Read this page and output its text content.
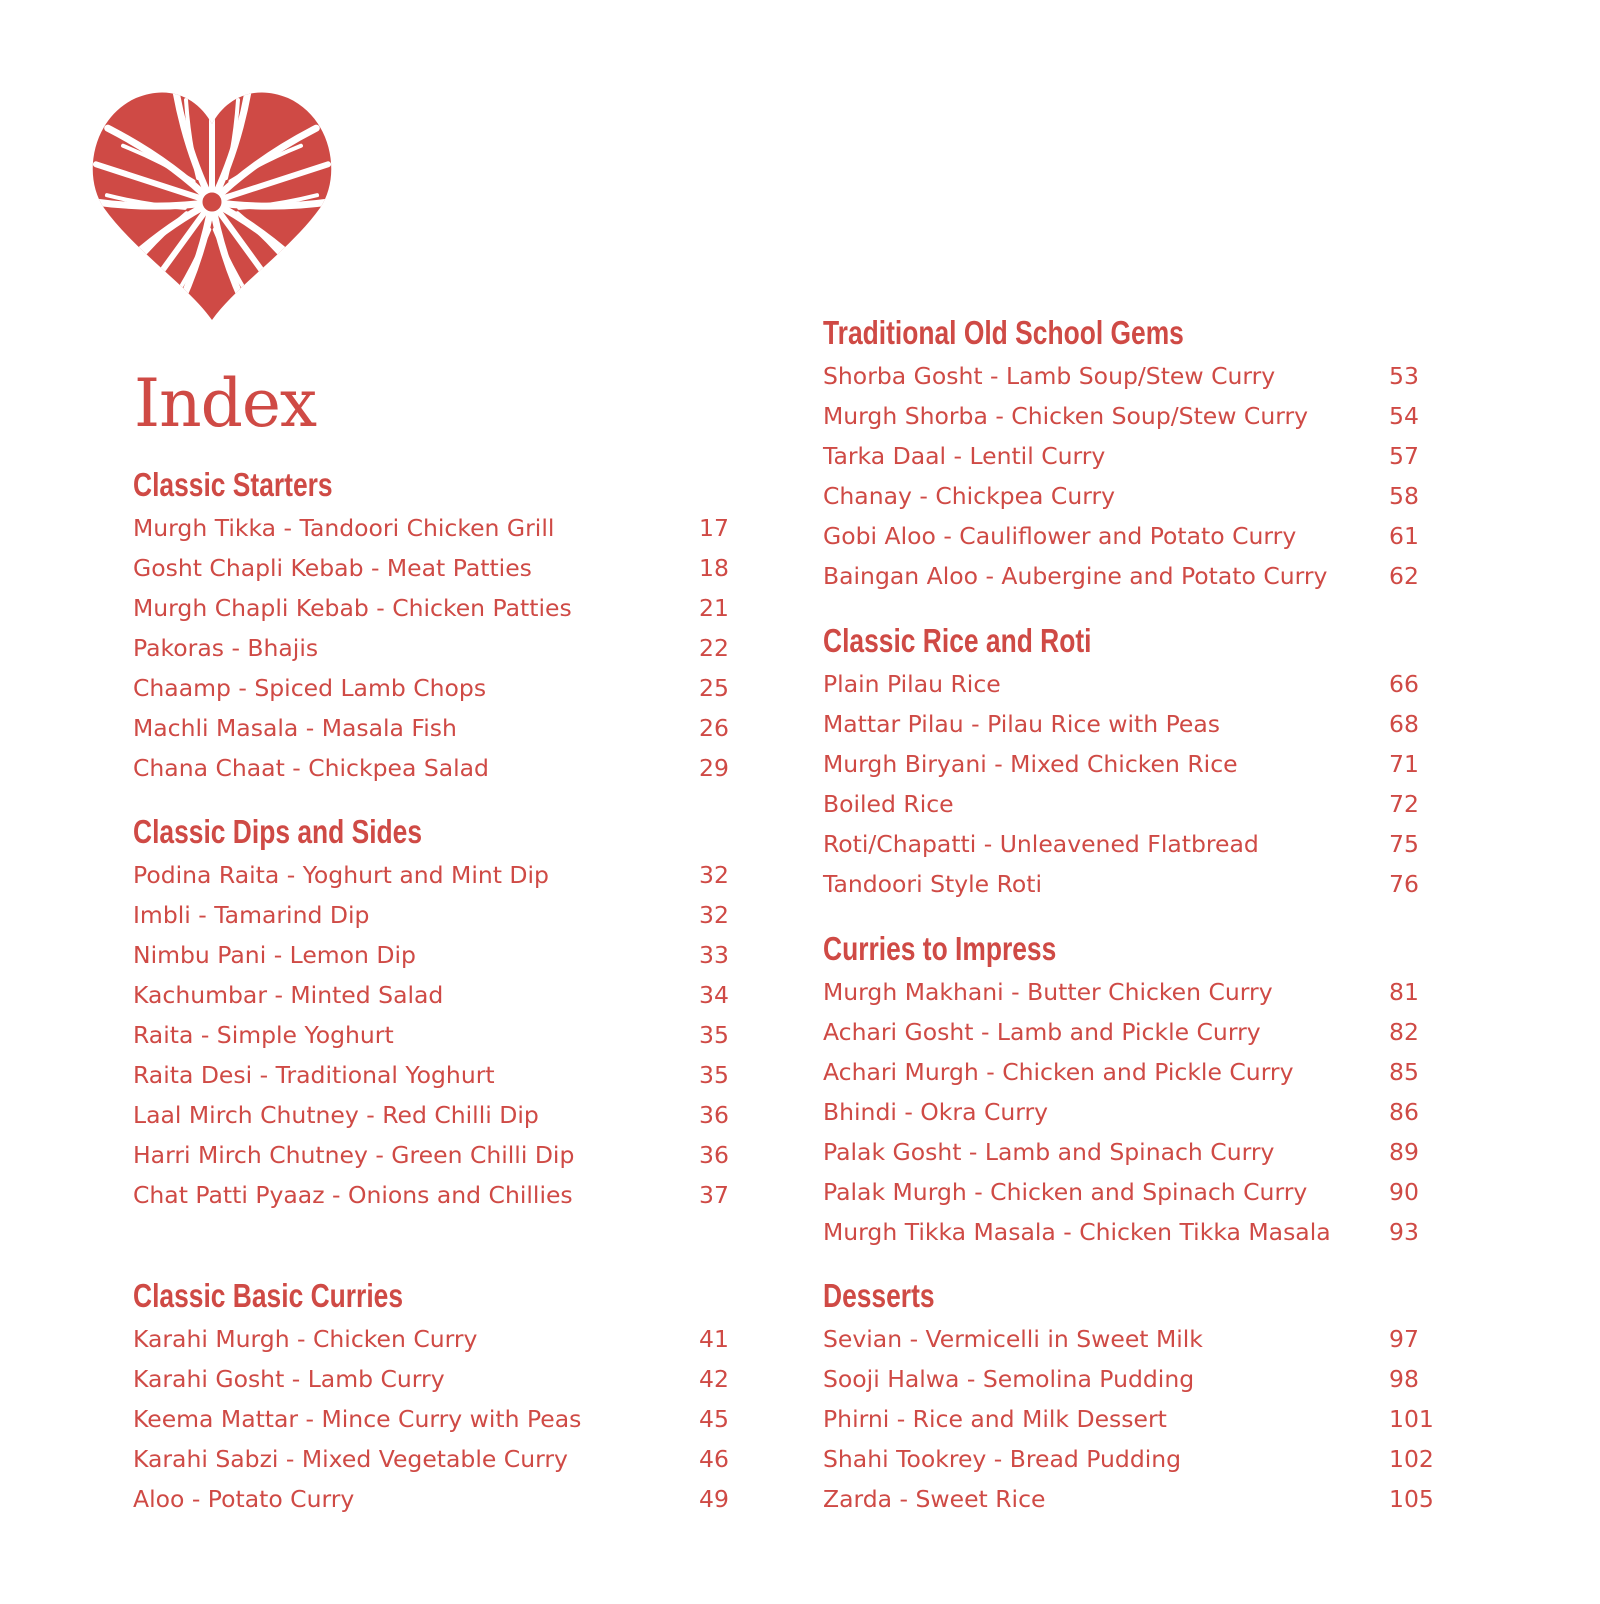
Index
Classic Starters
Murgh Tikka - Tandoori Chicken Grill	17
Gosht Chapli Kebab - Meat Patties	18
Murgh Chapli Kebab - Chicken Patties	21
Pakoras - Bhajis	22
Chaamp - Spiced Lamb Chops	25
Machli Masala - Masala Fish	26
Chana Chaat - Chickpea Salad	29
Classic Dips and Sides
Podina Raita - Yoghurt and Mint Dip	32
Imbli - Tamarind Dip	32
Nimbu Pani - Lemon Dip	33
Kachumbar - Minted Salad	34
Raita - Simple Yoghurt	35
Raita Desi - Traditional Yoghurt	35
Laal Mirch Chutney - Red Chilli Dip	36
Harri Mirch Chutney - Green Chilli Dip	36
Chat Patti Pyaaz - Onions and Chillies	37
Classic Basic Curries
Karahi Murgh - Chicken Curry	41
Karahi Gosht - Lamb Curry	42
Keema Mattar - Mince Curry with Peas	45
Karahi Sabzi - Mixed Vegetable Curry	46
Aloo - Potato Curry	49
Traditional Old School Gems
Shorba Gosht - Lamb Soup/Stew Curry	53
Murgh Shorba - Chicken Soup/Stew Curry	54
Tarka Daal - Lentil Curry	57
Chanay - Chickpea Curry	58
Gobi Aloo - Cauliflower and Potato Curry	61
Baingan Aloo - Aubergine and Potato Curry	62
Classic Rice and Roti
Plain Pilau Rice	66
Mattar Pilau - Pilau Rice with Peas	68
Murgh Biryani - Mixed Chicken Rice	71
Boiled Rice	72
Roti/Chapatti - Unleavened Flatbread	75
Tandoori Style Roti	76
Curries to Impress
Murgh Makhani - Butter Chicken Curry	81
Achari Gosht - Lamb and Pickle Curry	82
Achari Murgh - Chicken and Pickle Curry	85
Bhindi - Okra Curry	86
Palak Gosht - Lamb and Spinach Curry	89
Palak Murgh - Chicken and Spinach Curry	90
Murgh Tikka Masala - Chicken Tikka Masala 93
Desserts
Sevian - Vermicelli in Sweet Milk	97
Sooji Halwa - Semolina Pudding	98
Phirni - Rice and Milk Dessert	101
Shahi Tookrey - Bread Pudding	102
Zarda - Sweet Rice	105
